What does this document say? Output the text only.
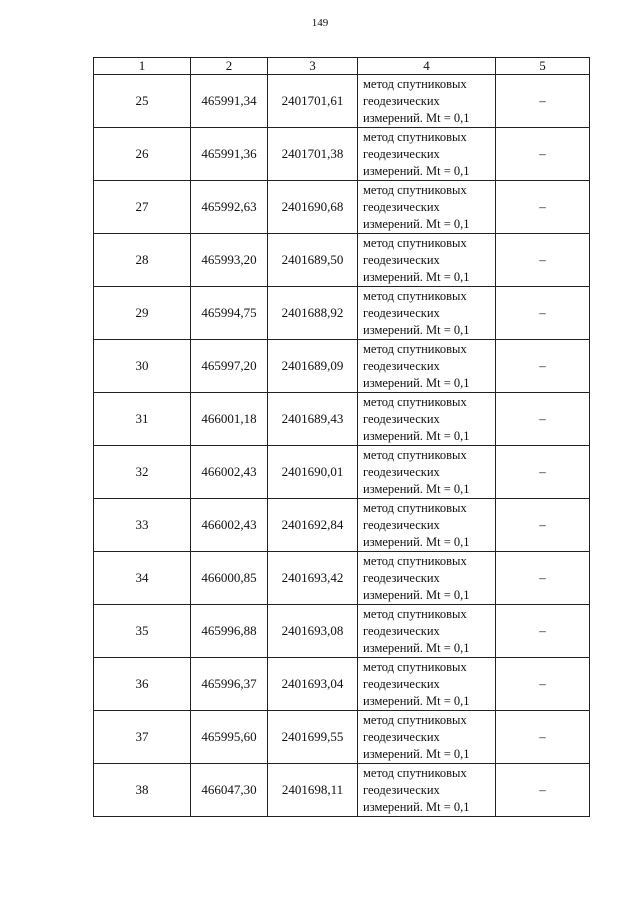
149
1	2	3	4	5
25	465991,34	2401701,61	метод спутниковых
геодезических
измерений. Mt = 0,1	–
26	465991,36	2401701,38	метод спутниковых
геодезических
измерений. Mt = 0,1	–
27	465992,63	2401690,68	метод спутниковых
геодезических
измерений. Mt = 0,1	–
28	465993,20	2401689,50	метод спутниковых
геодезических
измерений. Mt = 0,1	–
29	465994,75	2401688,92	метод спутниковых
геодезических
измерений. Mt = 0,1	–
30	465997,20	2401689,09	метод спутниковых
геодезических
измерений. Mt = 0,1	–
31	466001,18	2401689,43	метод спутниковых
геодезических
измерений. Mt = 0,1	–
32	466002,43	2401690,01	метод спутниковых
геодезических
измерений. Mt = 0,1	–
33	466002,43	2401692,84	метод спутниковых
геодезических
измерений. Mt = 0,1	–
34	466000,85	2401693,42	метод спутниковых
геодезических
измерений. Mt = 0,1	–
35	465996,88	2401693,08	метод спутниковых
геодезических
измерений. Mt = 0,1	–
36	465996,37	2401693,04	метод спутниковых
геодезических
измерений. Mt = 0,1	–
37	465995,60	2401699,55	метод спутниковых
геодезических
измерений. Mt = 0,1	–
38	466047,30	2401698,11	метод спутниковых
геодезических
измерений. Mt = 0,1	–
